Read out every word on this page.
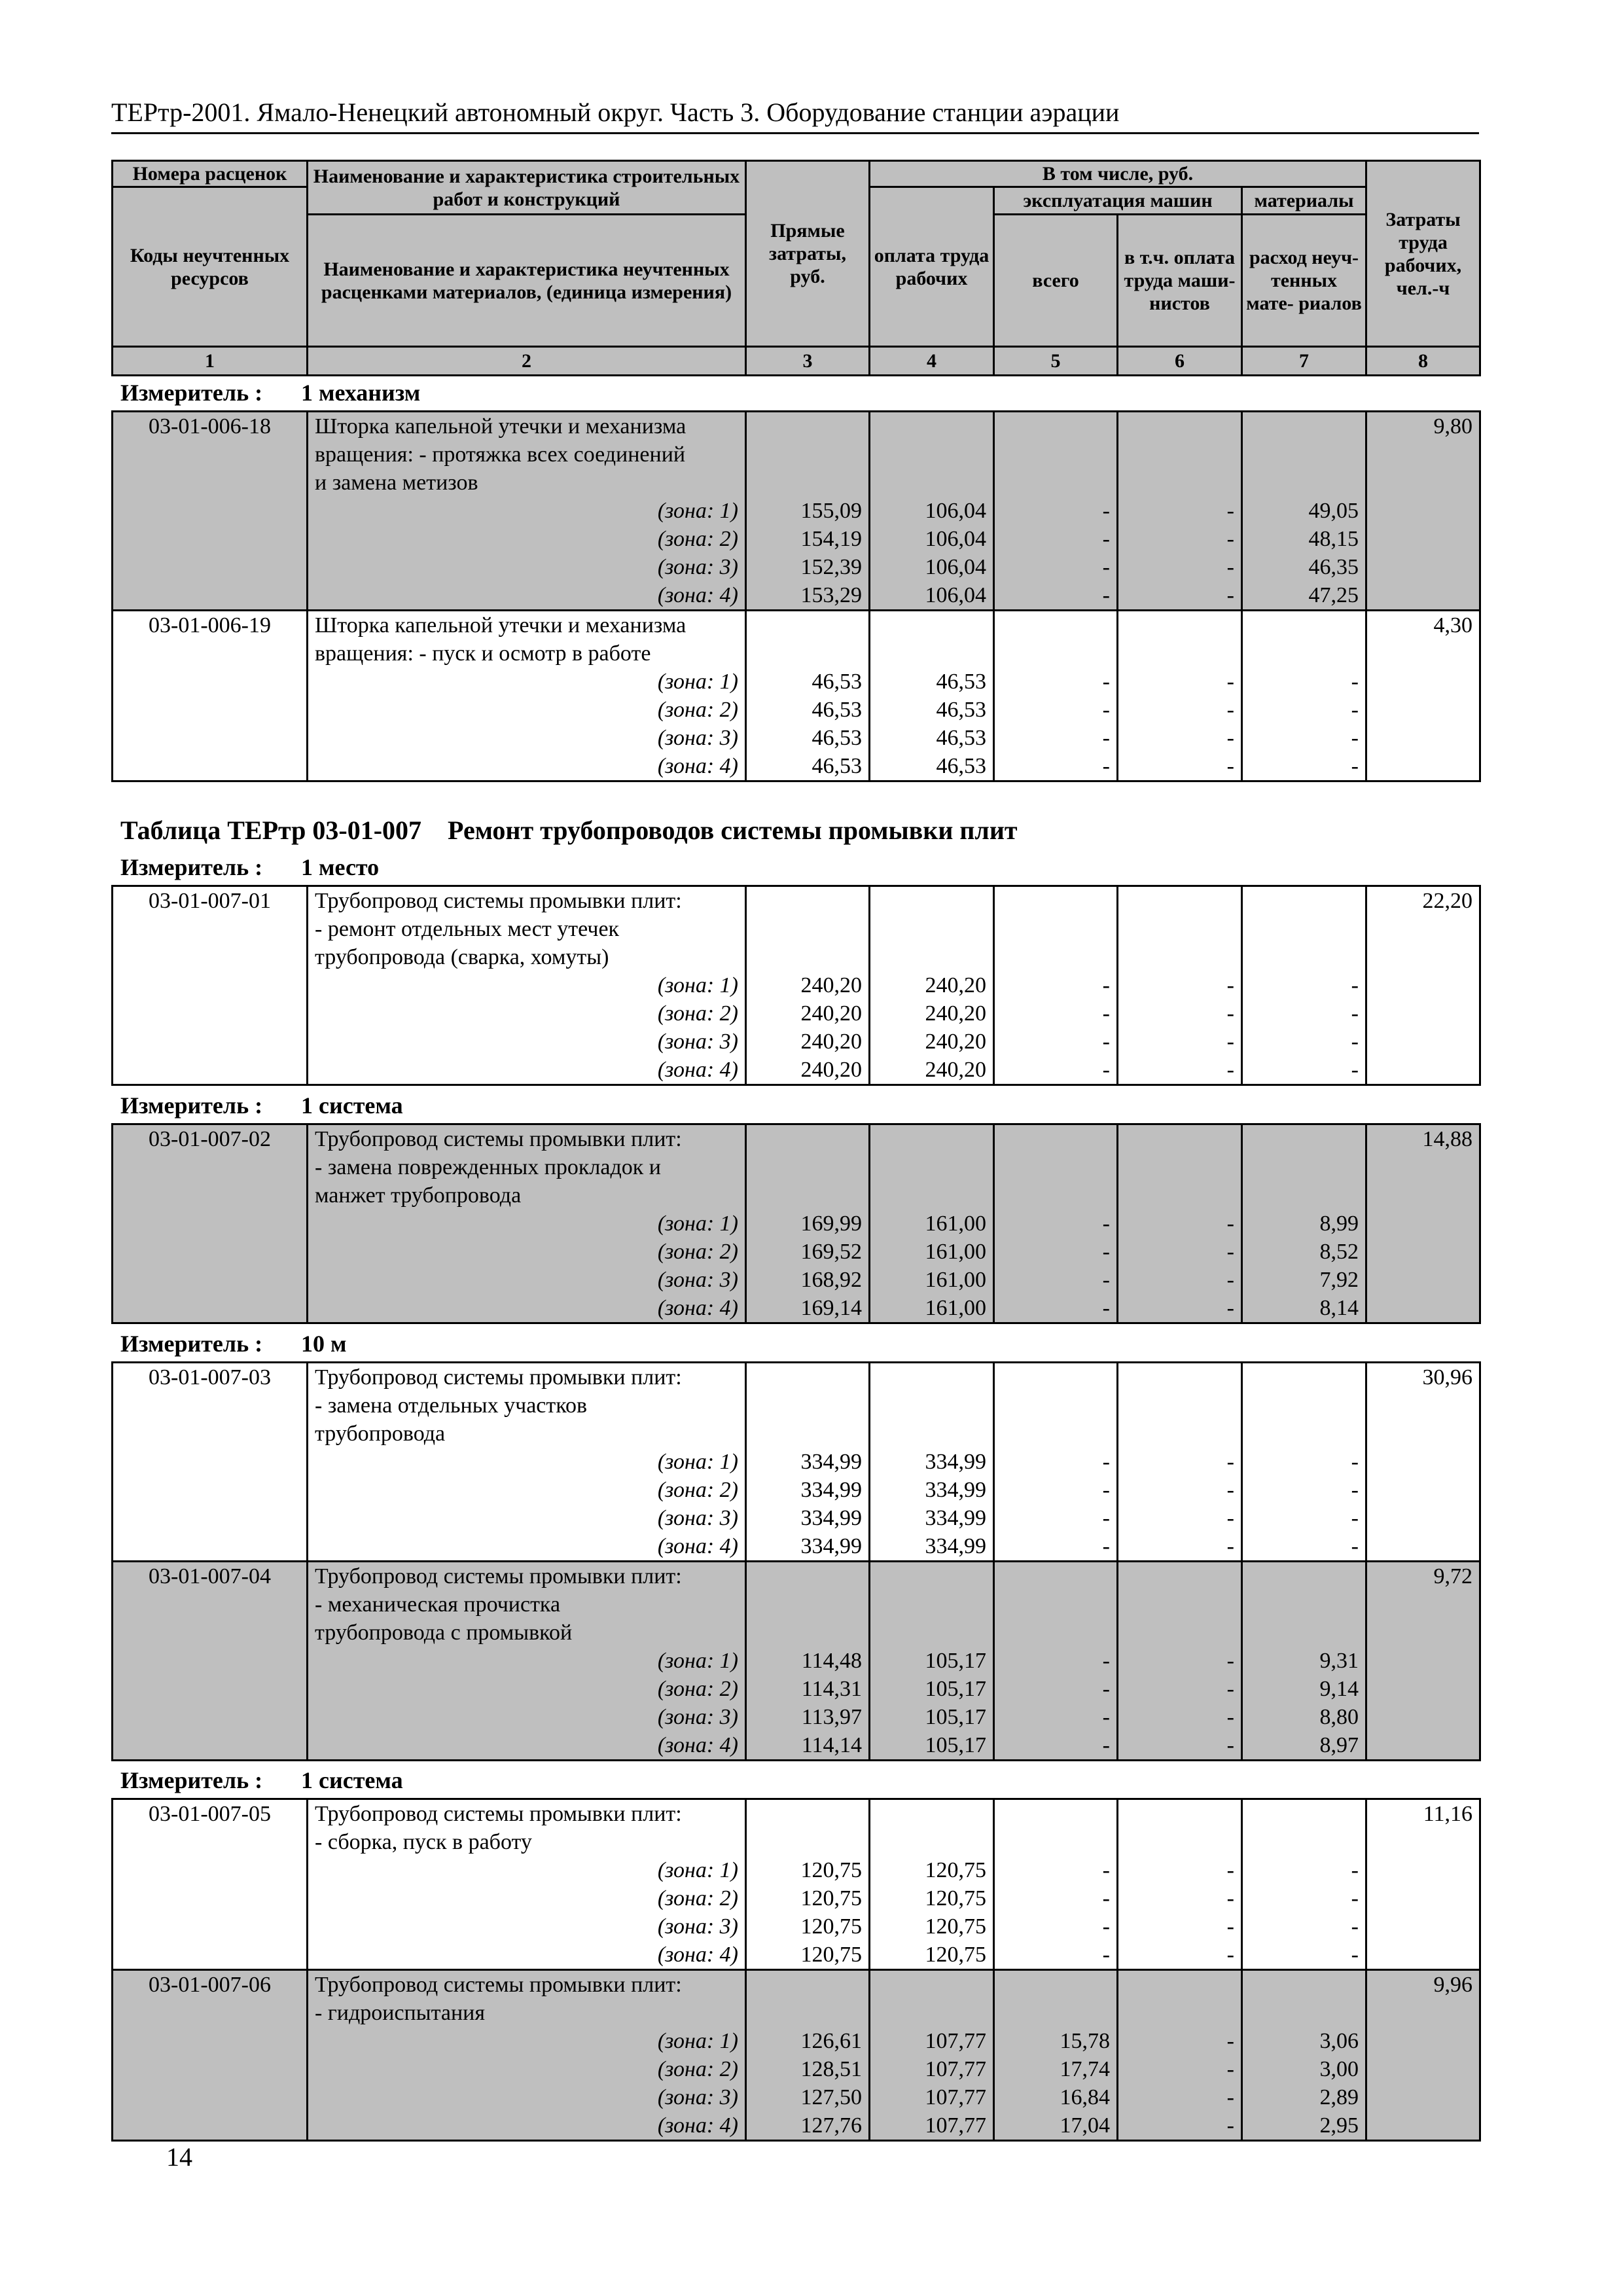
ТЕРтр-2001. Ямало-Ненецкий автономный округ. Часть 3. Оборудование станции аэрации
Номера расценок	Наименование и характеристика строительных работ и конструкций	Прямые затраты, руб.	В том числе, руб.				Затраты труда рабочих, чел.-ч
Коды неучтенных ресурсов			оплата труда рабочих	эксплуатация машин		материалы	
	Наименование и характеристика неучтенных расценками материалов, (единица измерения)			всего	в т.ч. оплата труда маши- нистов	расход неуч- тенных мате- риалов	

1	2	3	4	5	6	7	8
Измеритель : 1 механизм
03-01-006-18	Шторка капельной утечки и механизма						9,80
	вращения: - протяжка всех соединений						
	и замена метизов						
	(зона: 1)	155,09	106,04	-	-	49,05	
	(зона: 2)	154,19	106,04	-	-	48,15	
	(зона: 3)	152,39	106,04	-	-	46,35	
	(зона: 4)	153,29	106,04	-	-	47,25	
03-01-006-19	Шторка капельной утечки и механизма						4,30
	вращения: - пуск и осмотр в работе						
	(зона: 1)	46,53	46,53	-	-	-	
	(зона: 2)	46,53	46,53	-	-	-	
	(зона: 3)	46,53	46,53	-	-	-	
	(зона: 4)	46,53	46,53	-	-	-	
Таблица ТЕРтр 03-01-007 Ремонт трубопроводов системы промывки плит
Измеритель : 1 место
03-01-007-01	Трубопровод системы промывки плит:						22,20
	- ремонт отдельных мест утечек						
	трубопровода (сварка, хомуты)						
	(зона: 1)	240,20	240,20	-	-	-	
	(зона: 2)	240,20	240,20	-	-	-	
	(зона: 3)	240,20	240,20	-	-	-	
	(зона: 4)	240,20	240,20	-	-	-	
Измеритель : 1 система
03-01-007-02	Трубопровод системы промывки плит:						14,88
	- замена поврежденных прокладок и						
	манжет трубопровода						
	(зона: 1)	169,99	161,00	-	-	8,99	
	(зона: 2)	169,52	161,00	-	-	8,52	
	(зона: 3)	168,92	161,00	-	-	7,92	
	(зона: 4)	169,14	161,00	-	-	8,14	
Измеритель : 10 м
03-01-007-03	Трубопровод системы промывки плит:						30,96
	- замена отдельных участков						
	трубопровода						
	(зона: 1)	334,99	334,99	-	-	-	
	(зона: 2)	334,99	334,99	-	-	-	
	(зона: 3)	334,99	334,99	-	-	-	
	(зона: 4)	334,99	334,99	-	-	-	
03-01-007-04	Трубопровод системы промывки плит:						9,72
	- механическая прочистка						
	трубопровода с промывкой						
	(зона: 1)	114,48	105,17	-	-	9,31	
	(зона: 2)	114,31	105,17	-	-	9,14	
	(зона: 3)	113,97	105,17	-	-	8,80	
	(зона: 4)	114,14	105,17	-	-	8,97	
Измеритель : 1 система
03-01-007-05	Трубопровод системы промывки плит:						11,16
	- сборка, пуск в работу						
	(зона: 1)	120,75	120,75	-	-	-	
	(зона: 2)	120,75	120,75	-	-	-	
	(зона: 3)	120,75	120,75	-	-	-	
	(зона: 4)	120,75	120,75	-	-	-	
03-01-007-06	Трубопровод системы промывки плит:						9,96
	- гидроиспытания						
	(зона: 1)	126,61	107,77	15,78	-	3,06	
	(зона: 2)	128,51	107,77	17,74	-	3,00	
	(зона: 3)	127,50	107,77	16,84	-	2,89	
	(зона: 4)	127,76	107,77	17,04	-	2,95	
14
